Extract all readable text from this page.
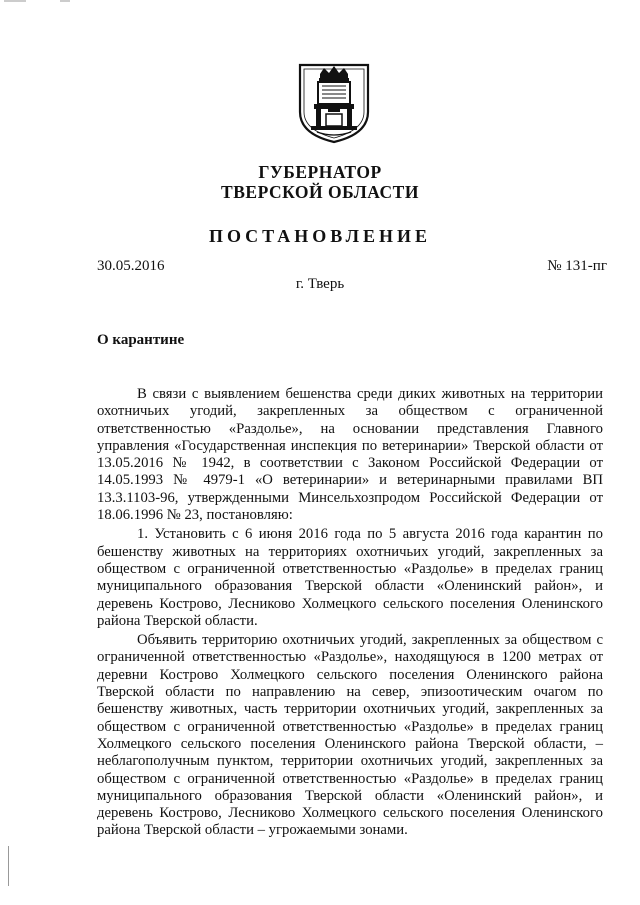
ГУБЕРНАТОР
ТВЕРСКОЙ ОБЛАСТИ
ПОСТАНОВЛЕНИЕ
30.05.2016	№ 131-пг
г. Тверь
О карантине

В связи с выявлением бешенства среди диких животных на территории охотничьих угодий, закрепленных за обществом с ограниченной ответственностью «Раздолье», на основании представления Главного управления «Государственная инспекция по ветеринарии» Тверской области от 13.05.2016 № 1942, в соответствии с Законом Российской Федерации от 14.05.1993 № 4979-1 «О ветеринарии» и ветеринарными правилами ВП 13.3.1103-96, утвержденными Минсельхозпродом Российской Федерации от 18.06.1996 № 23, постановляю:

1. Установить с 6 июня 2016 года по 5 августа 2016 года карантин по бешенству животных на территориях охотничьих угодий, закрепленных за обществом с ограниченной ответственностью «Раздолье» в пределах границ муниципального образования Тверской области «Оленинский район», и деревень Кострово, Лесниково Холмецкого сельского поселения Оленинского района Тверской области.

Объявить территорию охотничьих угодий, закрепленных за обществом с ограниченной ответственностью «Раздолье», находящуюся в 1200 метрах от деревни Кострово Холмецкого сельского поселения Оленинского района Тверской области по направлению на север, эпизоотическим очагом по бешенству животных, часть территории охотничьих угодий, закрепленных за обществом с ограниченной ответственностью «Раздолье» в пределах границ Холмецкого сельского поселения Оленинского района Тверской области, – неблагополучным пунктом, территории охотничьих угодий, закрепленных за обществом с ограниченной ответственностью «Раздолье» в пределах границ муниципального образования Тверской области «Оленинский район», и деревень Кострово, Лесниково Холмецкого сельского поселения Оленинского района Тверской области – угрожаемыми зонами.
